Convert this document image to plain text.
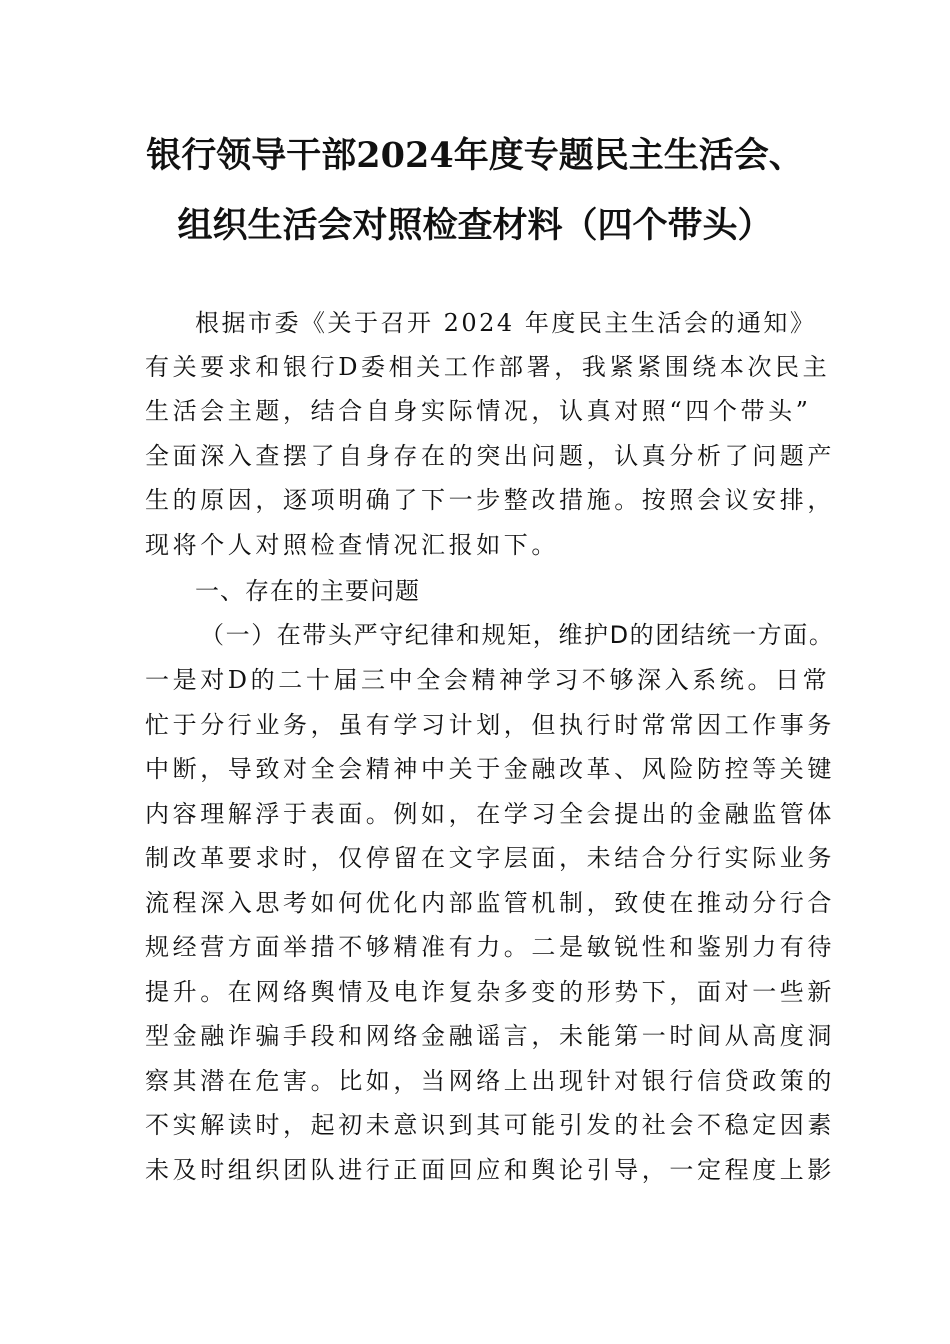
银行领导干部2024年度专题民主生活会、
组织生活会对照检查材料（四个带头）
根据市委《关于召开 2024 年度民主生活会的通知》
有关要求和银行D委相关工作部署，我紧紧围绕本次民主
生活会主题，结合自身实际情况，认真对照“四个带头”
全面深入查摆了自身存在的突出问题，认真分析了问题产
生的原因，逐项明确了下一步整改措施。按照会议安排，
现将个人对照检查情况汇报如下。
一、存在的主要问题
（一）在带头严守纪律和规矩，维护D的团结统一方面。
一是对D的二十届三中全会精神学习不够深入系统。日常
忙于分行业务，虽有学习计划，但执行时常常因工作事务
中断，导致对全会精神中关于金融改革、风险防控等关键
内容理解浮于表面。例如，在学习全会提出的金融监管体
制改革要求时，仅停留在文字层面，未结合分行实际业务
流程深入思考如何优化内部监管机制，致使在推动分行合
规经营方面举措不够精准有力。二是敏锐性和鉴别力有待
提升。在网络舆情及电诈复杂多变的形势下，面对一些新
型金融诈骗手段和网络金融谣言，未能第一时间从高度洞
察其潜在危害。比如，当网络上出现针对银行信贷政策的
不实解读时，起初未意识到其可能引发的社会不稳定因素
未及时组织团队进行正面回应和舆论引导，一定程度上影
